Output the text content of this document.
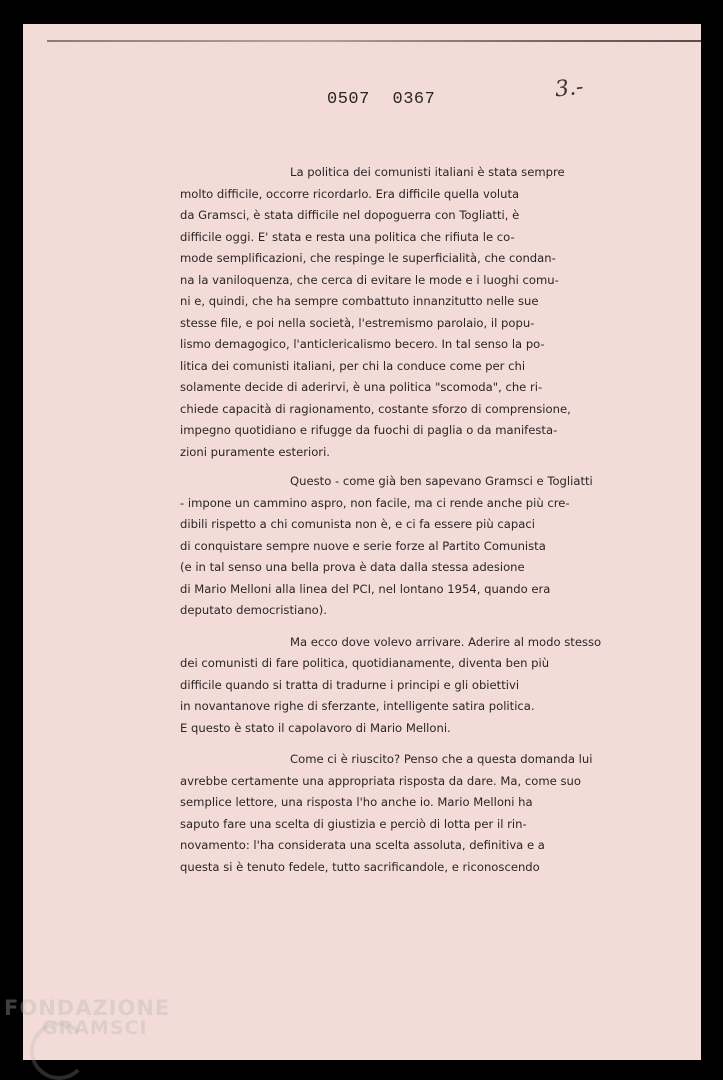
0507 0367	3.-
La politica dei comunisti italiani è stata sempre
molto difficile, occorre ricordarlo. Era difficile quella voluta
da Gramsci, è stata difficile nel dopoguerra con Togliatti, è
difficile oggi. E' stata e resta una politica che rifiuta le co-
mode semplificazioni, che respinge le superficialità, che condan-
na la vaniloquenza, che cerca di evitare le mode e i luoghi comu-
ni e, quindi, che ha sempre combattuto innanzitutto nelle sue
stesse file, e poi nella società, l'estremismo parolaio, il popu-
lismo demagogico, l'anticlericalismo becero. In tal senso la po-
litica dei comunisti italiani, per chi la conduce come per chi
solamente decide di aderirvi, è una politica "scomoda", che ri-
chiede capacità di ragionamento, costante sforzo di comprensione,
impegno quotidiano e rifugge da fuochi di paglia o da manifesta-
zioni puramente esteriori.
Questo - come già ben sapevano Gramsci e Togliatti
- impone un cammino aspro, non facile, ma ci rende anche più cre-
dibili rispetto a chi comunista non è, e ci fa essere più capaci
di conquistare sempre nuove e serie forze al Partito Comunista
(e in tal senso una bella prova è data dalla stessa adesione
di Mario Melloni alla linea del PCI, nel lontano 1954, quando era
deputato democristiano).
Ma ecco dove volevo arrivare. Aderire al modo stesso
dei comunisti di fare politica, quotidianamente, diventa ben più
difficile quando si tratta di tradurne i principi e gli obiettivi
in novantanove righe di sferzante, intelligente satira politica.
E questo è stato il capolavoro di Mario Melloni.
Come ci è riuscito? Penso che a questa domanda lui
avrebbe certamente una appropriata risposta da dare. Ma, come suo
semplice lettore, una risposta l'ho anche io. Mario Melloni ha
saputo fare una scelta di giustizia e perciò di lotta per il rin-
novamento: l'ha considerata una scelta assoluta, definitiva e a
questa si è tenuto fedele, tutto sacrificandole, e riconoscendo
FONDAZIONE
GRAMSCI
